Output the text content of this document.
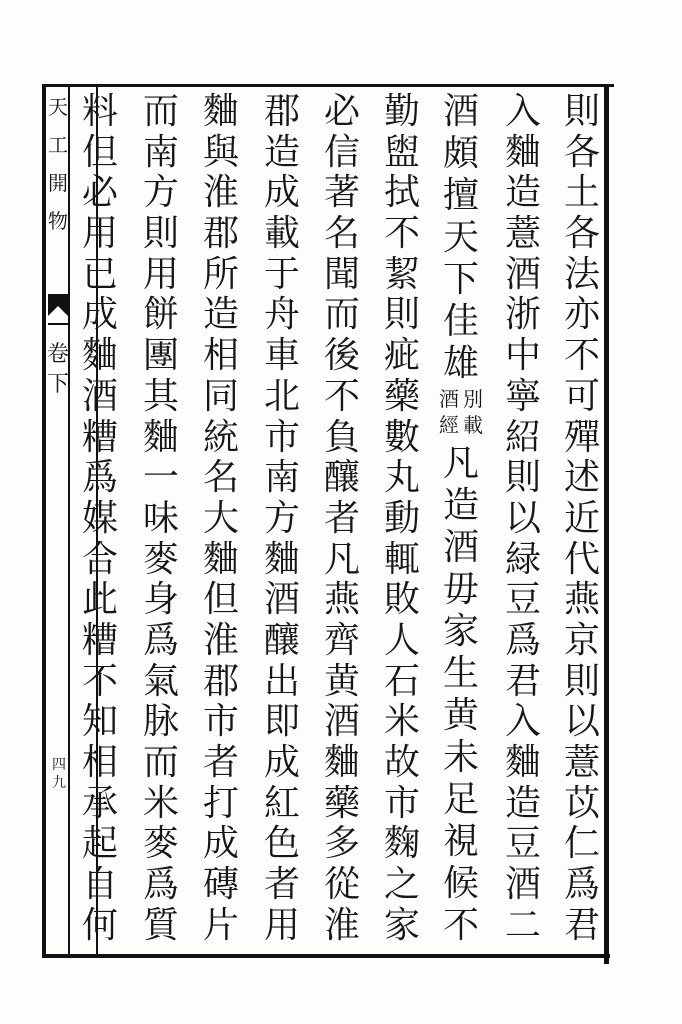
天
工
開
物
卷
下
四
九
則
各
土
各
法
亦
不
可
殫
述
近
代
燕
京
則
以
薏
苡
仁
爲
君
入
麯
造
薏
酒
浙
中
寧
紹
則
以
緑
豆
爲
君
入
麯
造
豆
酒
二
酒
頗
擅
天
下
佳
雄
別
載
酒
經
凡
造
酒
毋
家
生
黄
未
足
視
候
不
勤
盥
拭
不
絜
則
疵
藥
數
丸
動
輒
敗
人
石
米
故
市
麴
之
家
必
信
著
名
聞
而
後
不
負
釀
者
凡
燕
齊
黄
酒
麯
藥
多
從
淮
郡
造
成
載
于
舟
車
北
市
南
方
麯
酒
釀
出
即
成
紅
色
者
用
麯
與
淮
郡
所
造
相
同
統
名
大
麯
但
淮
郡
市
者
打
成
磚
片
而
南
方
則
用
餅
團
其
麯
一
味
麥
身
爲
氣
脉
而
米
麥
爲
質
料
但
必
用
已
成
麯
酒
糟
爲
媒
合
此
糟
不
知
相
承
起
自
何
